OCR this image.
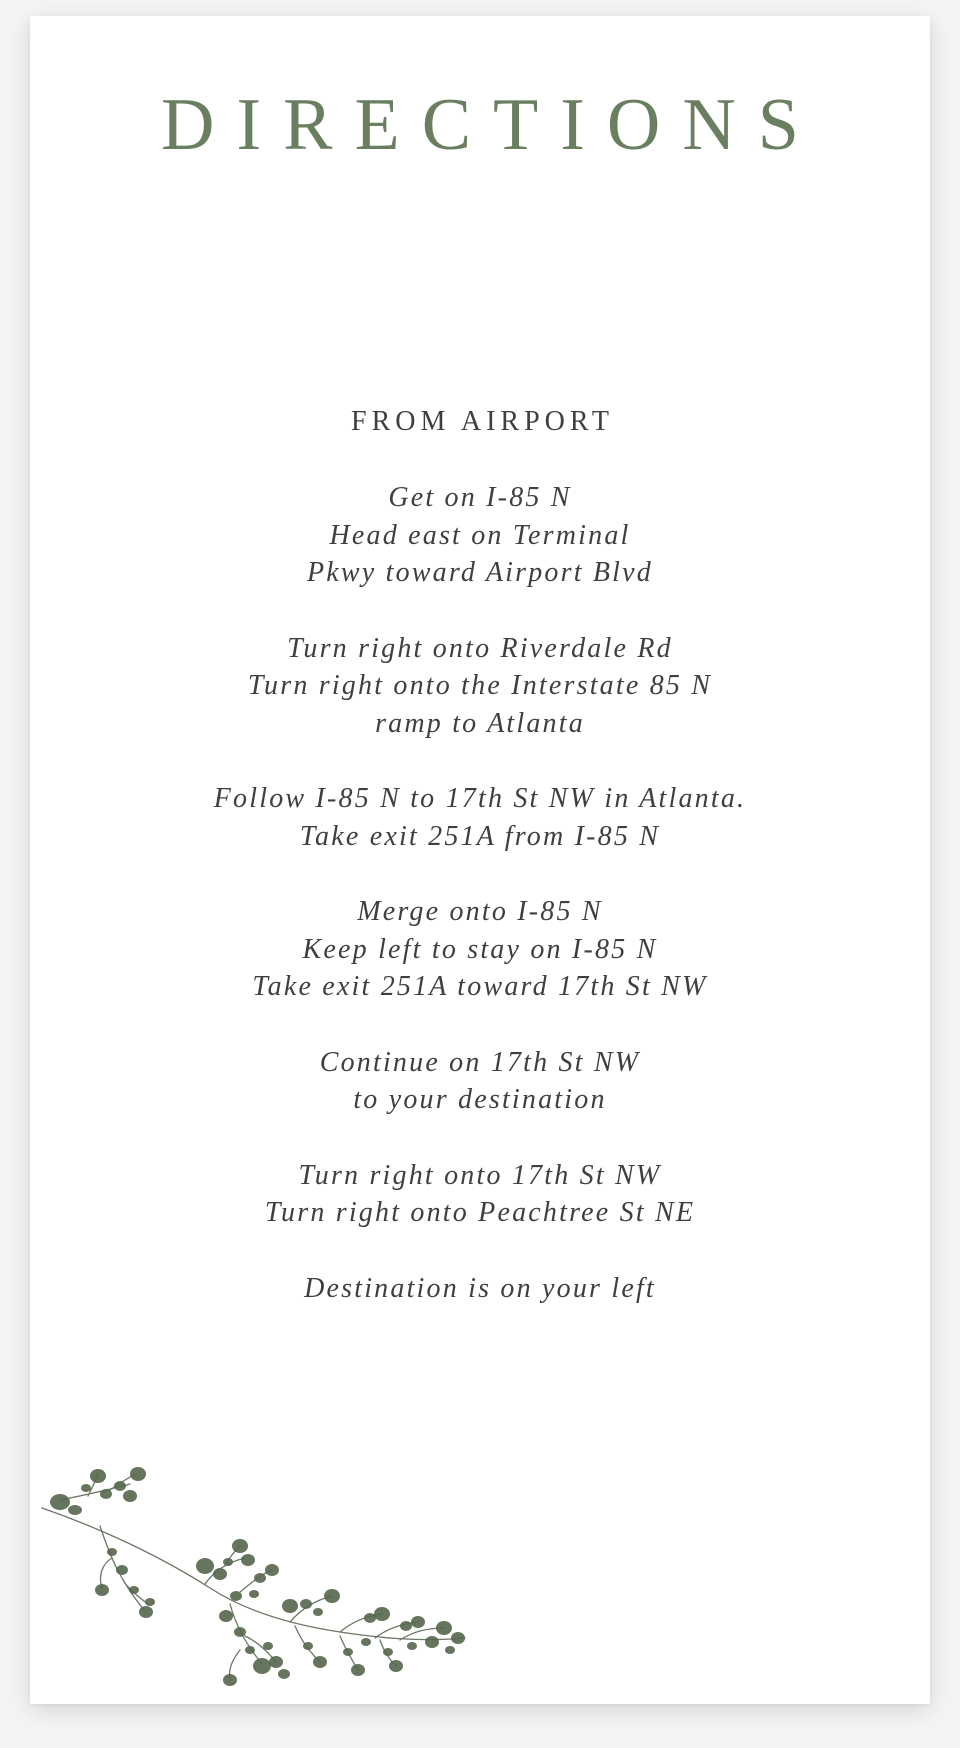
DIRECTIONS
FROM AIRPORT
Get on I-85 N
Head east on Terminal
Pkwy toward Airport Blvd
Turn right onto Riverdale Rd
Turn right onto the Interstate 85 N
ramp to Atlanta
Follow I-85 N to 17th St NW in Atlanta.
Take exit 251A from I-85 N
Merge onto I-85 N
Keep left to stay on I-85 N
Take exit 251A toward 17th St NW
Continue on 17th St NW
to your destination
Turn right onto 17th St NW
Turn right onto Peachtree St NE
Destination is on your left
